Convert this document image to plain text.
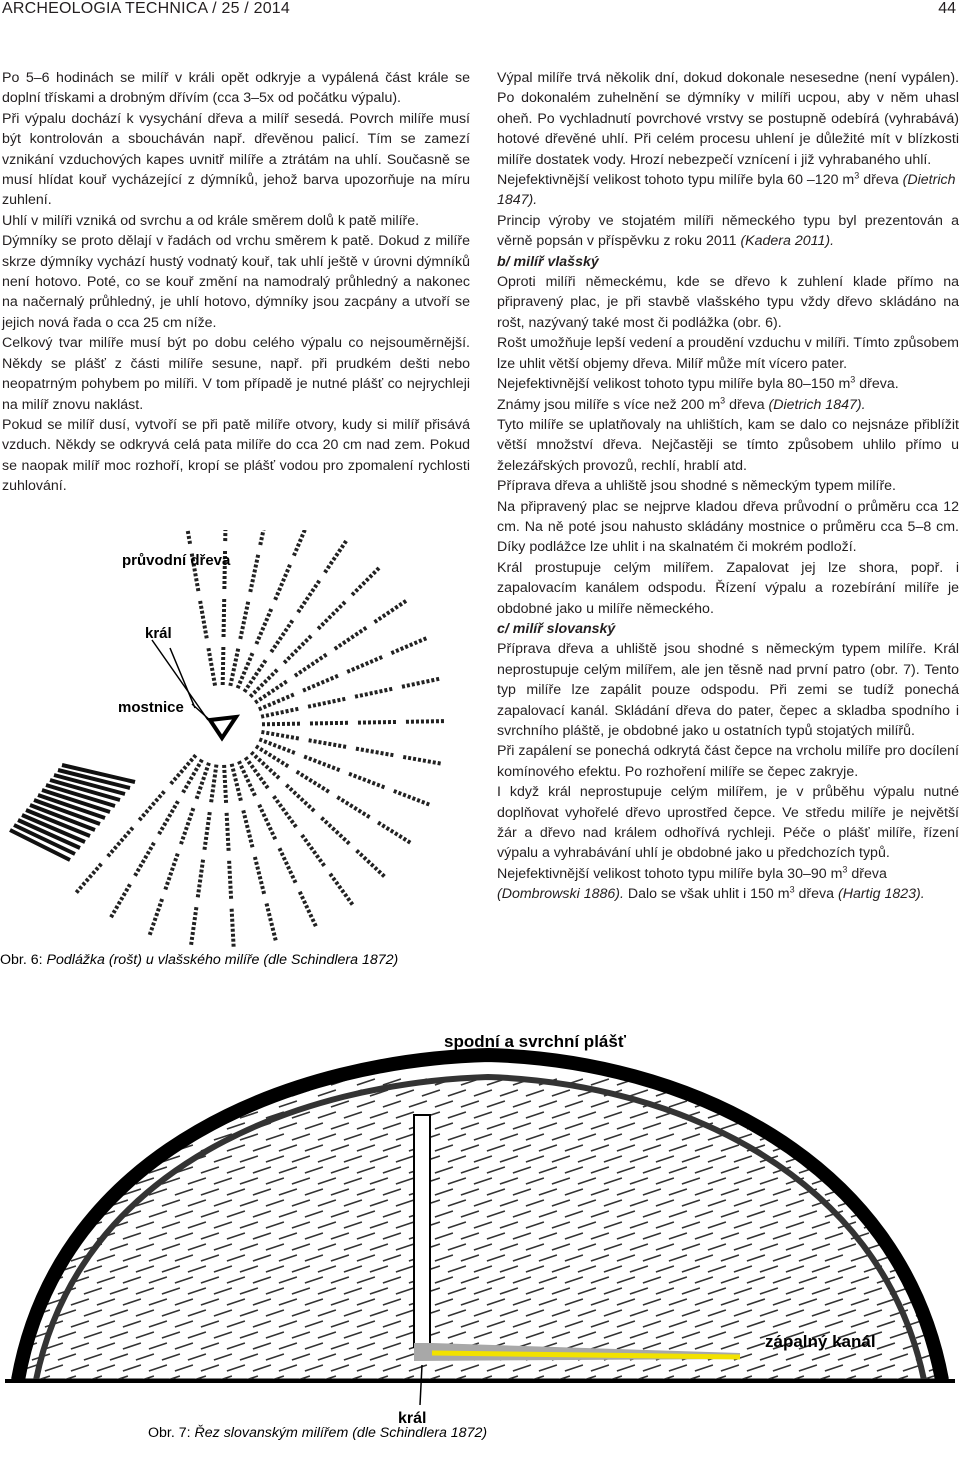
ARCHEOLOGIA TECHNICA / 25 / 2014	44

Po 5–6 hodinách se milíř v králi opět odkryje a vypálená část krále se doplní třískami a drobným dřívím (cca 3–5x od počátku výpalu).

Při výpalu dochází k vysychání dřeva a milíř sesedá. Povrch milíře musí být kontrolován a sboucháván např. dřevěnou palicí. Tím se zamezí vznikání vzduchových kapes uvnitř milíře a ztrátám na uhlí. Současně se musí hlídat kouř vycházející z dýmníků, jehož barva upozorňuje na míru zuhlení.

Uhlí v milíři vzniká od svrchu a od krále směrem dolů k patě milíře.

Dýmníky se proto dělají v řadách od vrchu směrem k patě. Dokud z milíře skrze dýmníky vychází hustý vodnatý kouř, tak uhlí ještě v úrovni dýmníků není hotovo. Poté, co se kouř změní na namodralý průhledný a nakonec na načernalý průhledný, je uhlí hotovo, dýmníky jsou zacpány a utvoří se jejich nová řada o cca 25 cm níže.

Celkový tvar milíře musí být po dobu celého výpalu co nejsouměrnější. Někdy se plášť z části milíře sesune, např. při prudkém dešti nebo neopatrným pohybem po milíři. V tom případě je nutné plášť co nejrychleji na milíř znovu naklást.

Pokud se milíř dusí, vytvoří se při patě milíře otvory, kudy si milíř přisává vzduch. Někdy se odkryvá celá pata milíře do cca 20 cm nad zem. Pokud se naopak milíř moc rozhoří, kropí se plášť vodou pro zpomalení rychlosti zuhlování.

Výpal milíře trvá několik dní, dokud dokonale nesesedne (není vypálen). Po dokonalém zuhelnění se dýmníky v milíři ucpou, aby v něm uhasl oheň. Po vychladnutí povrchové vrstvy se postupně odebírá (vyhrabává) hotové dřevěné uhlí. Při celém procesu uhlení je důležité mít v blízkosti milíře dostatek vody. Hrozí nebezpečí vznícení i již vyhrabaného uhlí.

Nejefektivnější velikost tohoto typu milíře byla 60 –120 $m^3$ dřeva (Dietrich 1847).

Princip výroby ve stojatém milíři německého typu byl prezentován a věrně popsán v příspěvku z roku 2011 (Kadera 2011).

b/ milíř vlašský

Oproti milíři německému, kde se dřevo k zuhlení klade přímo na připravený plac, je při stavbě vlašského typu vždy dřevo skládáno na rošt, nazývaný také most či podlážka (obr. 6).

Rošt umožňuje lepší vedení a proudění vzduchu v milíři. Tímto způsobem lze uhlit větší objemy dřeva. Milíř může mít vícero pater.

Nejefektivnější velikost tohoto typu milíře byla 80–150 $m^3$ dřeva.

Známy jsou milíře s více než 200 $m^3$ dřeva (Dietrich 1847).

Tyto milíře se uplatňovaly na uhlištích, kam se dalo co nejsnáze přiblížit větší množství dřeva. Nejčastěji se tímto způsobem uhlilo přímo u železářských provozů, rechlí, hrablí atd.

Příprava dřeva a uhliště jsou shodné s německým typem milíře.

Na připravený plac se nejprve kladou dřeva průvodní o průměru cca 12 cm. Na ně poté jsou nahusto skládány mostnice o průměru cca 5–8 cm. Díky podlážce lze uhlit i na skalnatém či mokrém podloží.

Král prostupuje celým milířem. Zapalovat jej lze shora, popř. i zapalovacím kanálem odspodu. Řízení výpalu a rozebírání milíře je obdobné jako u milíře německého.

c/ milíř slovanský

Příprava dřeva a uhliště jsou shodné s německým typem milíře. Král neprostupuje celým milířem, ale jen těsně nad první patro (obr. 7). Tento typ milíře lze zapálit pouze odspodu. Při zemi se tudíž ponechá zapalovací kanál. Skládání dřeva do pater, čepec a skladba spodního i svrchního pláště, je obdobné jako u ostatních typů stojatých milířů.

Při zapálení se ponechá odkrytá část čepce na vrcholu milíře pro docílení komínového efektu. Po rozhoření milíře se čepec zakryje.

I když král neprostupuje celým milířem, je v průběhu výpalu nutné doplňovat vyhořelé dřevo uprostřed čepce. Ve středu milíře je největší žár a dřevo nad králem odhořívá rychleji. Péče o plášť milíře, řízení výpalu a vyhrabávání uhlí je obdobné jako u předchozích typů.

Nejefektivnější velikost tohoto typu milíře byla 30–90 $m^3$ dřeva (Dombrowski 1886). Dalo se však uhlit i 150 $m^3$ dřeva (Hartig 1823).

průvodní dřeva
král
mostnice
Obr. 6: Podlážka (rošt) u vlašského milíře (dle Schindlera 1872)
spodní a svrchní plášť
zápalný kanál
král
Obr. 7: Řez slovanským milířem (dle Schindlera 1872)
